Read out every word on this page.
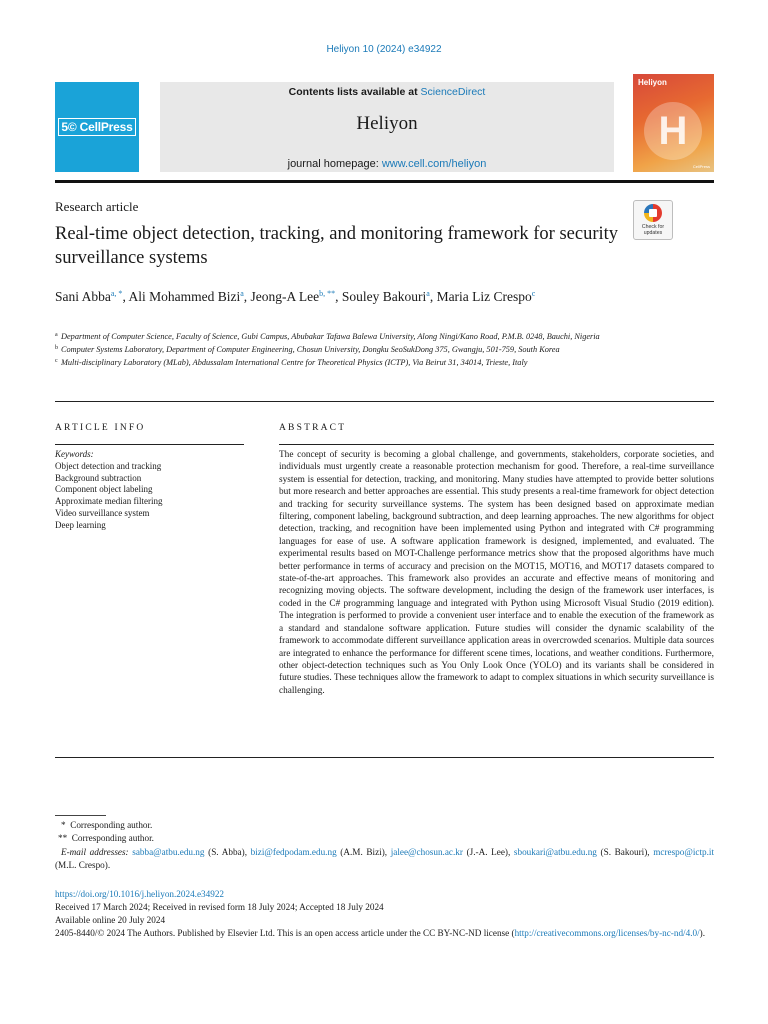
Heliyon 10 (2024) e34922
5© CellPress
Contents lists available at ScienceDirect
Heliyon
journal homepage: www.cell.com/heliyon
Heliyon
H
CellPress
Research article
Check for updates
Real-time object detection, tracking, and monitoring framework for security surveillance systems
Sani Abba$^{a, *}$, Ali Mohammed Bizi$^a$, Jeong-A Lee$^{b, **}$, Souley Bakouri$^a$, Maria Liz Crespo$^c$
a Department of Computer Science, Faculty of Science, Gubi Campus, Abubakar Tafawa Balewa University, Along Ningi/Kano Road, P.M.B. 0248, Bauchi, Nigeria
b Computer Systems Laboratory, Department of Computer Engineering, Chosun University, Dongku SeoSukDong 375, Gwangju, 501-759, South Korea
c Multi-disciplinary Laboratory (MLab), Abdussalam International Centre for Theoretical Physics (ICTP), Via Beirut 31, 34014, Trieste, Italy
ARTICLE INFO	ABSTRACT
Keywords:
Object detection and tracking
Background subtraction
Component object labeling
Approximate median filtering
Video surveillance system
Deep learning

The concept of security is becoming a global challenge, and governments, stakeholders, corporate societies, and individuals must urgently create a reasonable protection mechanism for good. Therefore, a real-time surveillance system is essential for detection, tracking, and monitoring. Many studies have attempted to provide better solutions but more research and better approaches are essential. This study presents a real-time framework for object detection and tracking for security surveillance systems. The system has been designed based on approximate median filtering, component labeling, background subtraction, and deep learning approaches. The new algorithms for object detection, tracking, and recognition have been implemented using Python and integrated with C# programming languages for ease of use. A software application framework is designed, implemented, and evaluated. The experimental results based on MOT-Challenge performance metrics show that the proposed algorithms have much better performance in terms of accuracy and precision on the MOT15, MOT16, and MOT17 datasets compared to state-of-the-art approaches. This framework also provides an accurate and effective means of monitoring and recognizing moving objects. The software development, including the design of the framework user interfaces, is coded in the C# programming language and integrated with Python using Microsoft Visual Studio (2019 edition). The integration is performed to provide a convenient user interface and to enable the execution of the framework as a standard and standalone software application. Future studies will consider the dynamic scalability of the framework to accommodate different surveillance application areas in overcrowded scenarios. Multiple data sources are integrated to enhance the performance for different scene times, locations, and weather conditions. Furthermore, other object-detection techniques such as You Only Look Once (YOLO) and its variants shall be considered in future studies. These techniques allow the framework to adapt to complex situations in which security surveillance is challenging.

* Corresponding author.
** Corresponding author.
E-mail addresses: sabba@atbu.edu.ng (S. Abba), bizi@fedpodam.edu.ng (A.M. Bizi), jalee@chosun.ac.kr (J.-A. Lee), sboukari@atbu.edu.ng (S. Bakouri), mcrespo@ictp.it (M.L. Crespo).
https://doi.org/10.1016/j.heliyon.2024.e34922
Received 17 March 2024; Received in revised form 18 July 2024; Accepted 18 July 2024
Available online 20 July 2024
2405-8440/© 2024 The Authors. Published by Elsevier Ltd. This is an open access article under the CC BY-NC-ND license (http://creativecommons.org/licenses/by-nc-nd/4.0/).
